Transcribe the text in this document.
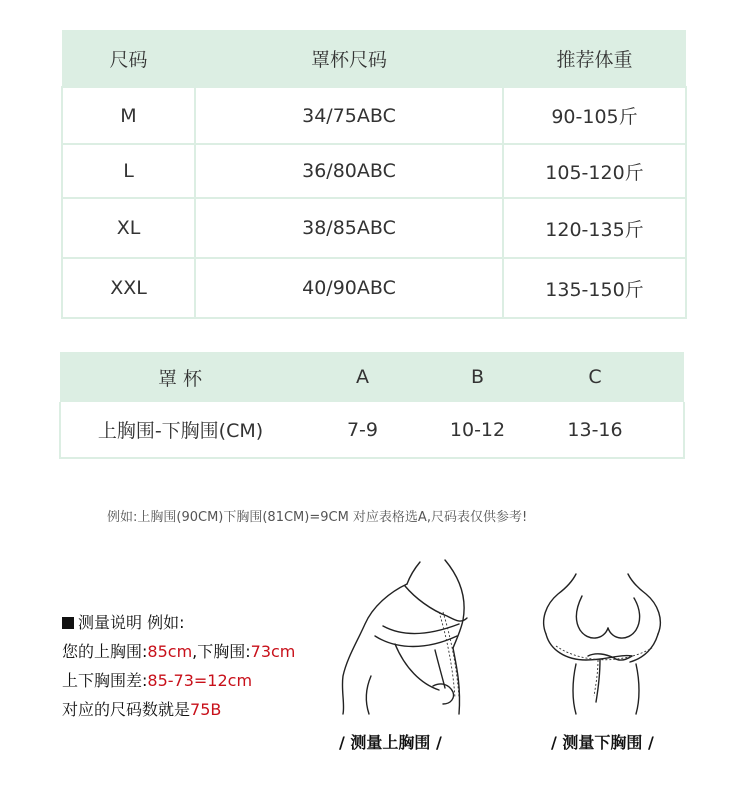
尺码	罩杯尺码	推荐体重
M	34/75ABC	90-105斤
L	36/80ABC	105-120斤
XL	38/85ABC	120-135斤
XXL	40/90ABC	135-150斤
罩 杯	A	B	C	
上胸围-下胸围(CM)	7-9	10-12	13-16	
例如:上胸围(90CM)下胸围(81CM)=9CM 对应表格选A,尺码表仅供参考!
测量说明 例如:
您的上胸围:85cm,下胸围:73cm
上下胸围差:85-73=12cm
对应的尺码数就是75B
/ 测量上胸围 /	/ 测量下胸围 /
